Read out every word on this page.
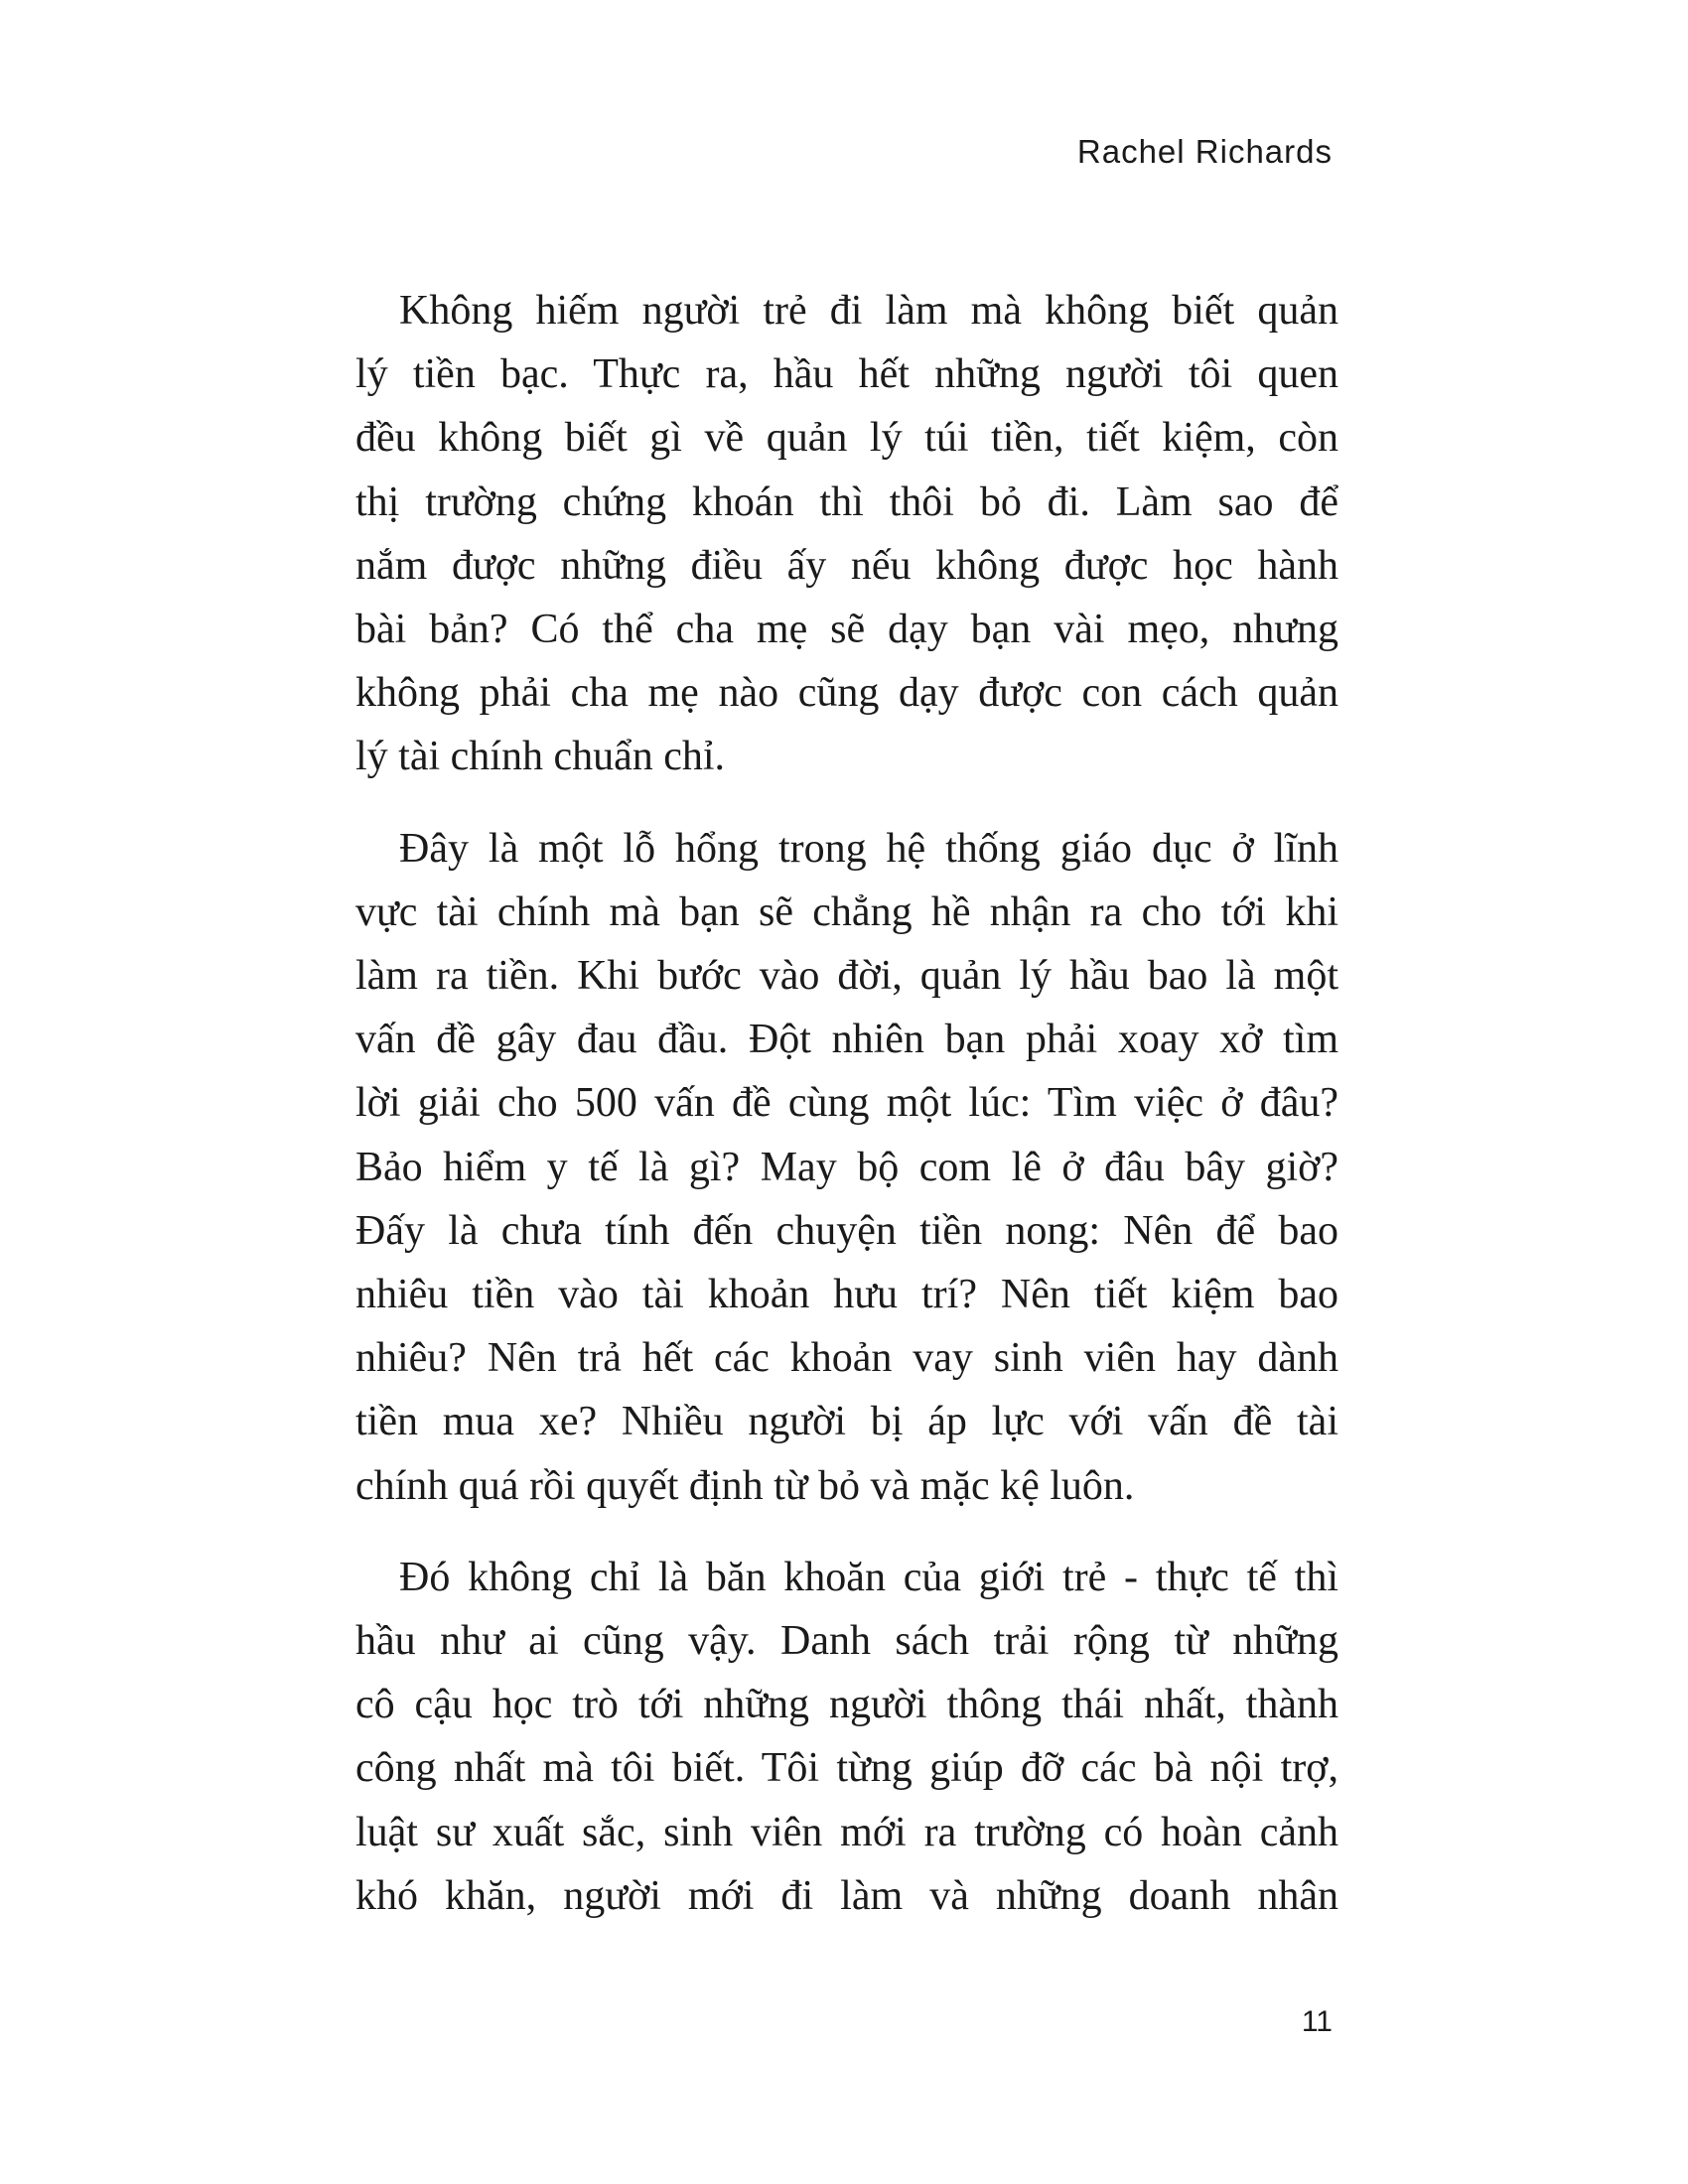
Rachel Richards

Không hiếm người trẻ đi làm mà không biết quản
lý tiền bạc. Thực ra, hầu hết những người tôi quen
đều không biết gì về quản lý túi tiền, tiết kiệm, còn
thị trường chứng khoán thì thôi bỏ đi. Làm sao để
nắm được những điều ấy nếu không được học hành
bài bản? Có thể cha mẹ sẽ dạy bạn vài mẹo, nhưng
không phải cha mẹ nào cũng dạy được con cách quản
lý tài chính chuẩn chỉ.

Đây là một lỗ hổng trong hệ thống giáo dục ở lĩnh
vực tài chính mà bạn sẽ chẳng hề nhận ra cho tới khi
làm ra tiền. Khi bước vào đời, quản lý hầu bao là một
vấn đề gây đau đầu. Đột nhiên bạn phải xoay xở tìm
lời giải cho 500 vấn đề cùng một lúc: Tìm việc ở đâu?
Bảo hiểm y tế là gì? May bộ com lê ở đâu bây giờ?
Đấy là chưa tính đến chuyện tiền nong: Nên để bao
nhiêu tiền vào tài khoản hưu trí? Nên tiết kiệm bao
nhiêu? Nên trả hết các khoản vay sinh viên hay dành
tiền mua xe? Nhiều người bị áp lực với vấn đề tài
chính quá rồi quyết định từ bỏ và mặc kệ luôn.

Đó không chỉ là băn khoăn của giới trẻ - thực tế thì
hầu như ai cũng vậy. Danh sách trải rộng từ những
cô cậu học trò tới những người thông thái nhất, thành
công nhất mà tôi biết. Tôi từng giúp đỡ các bà nội trợ,
luật sư xuất sắc, sinh viên mới ra trường có hoàn cảnh
khó khăn, người mới đi làm và những doanh nhân

11
